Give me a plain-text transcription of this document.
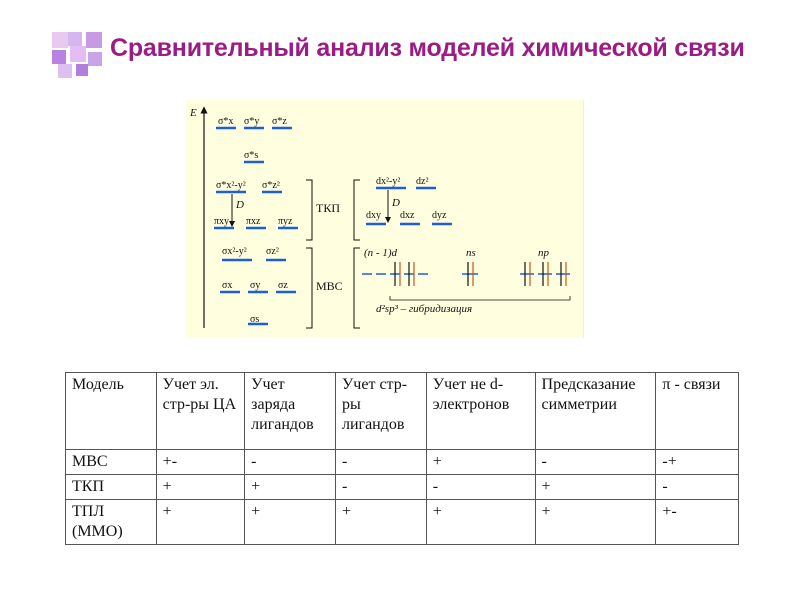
Сравнительный анализ моделей химической связи
E
σ*x σ*y σ*z
σ*s
σ*x²-y² σ*z²
D
πxy πxz πyz
σx²-y² σz²
σx σy σz
σs
ТКП
МВС
dx²-y² dz²
D
dxy dxz dyz
(n - 1)d	ns	np
d²sp³ – гибридизация
Модель	Учет эл. стр-ры ЦА	Учет заряда лигандов	Учет стр-ры лигандов	Учет не d-электронов	Предсказание симметрии	π - связи
МВС	+-	-	-	+	-	-+
ТКП	+	+	-	-	+	-
ТПЛ (ММО)	+	+	+	+	+	+-
